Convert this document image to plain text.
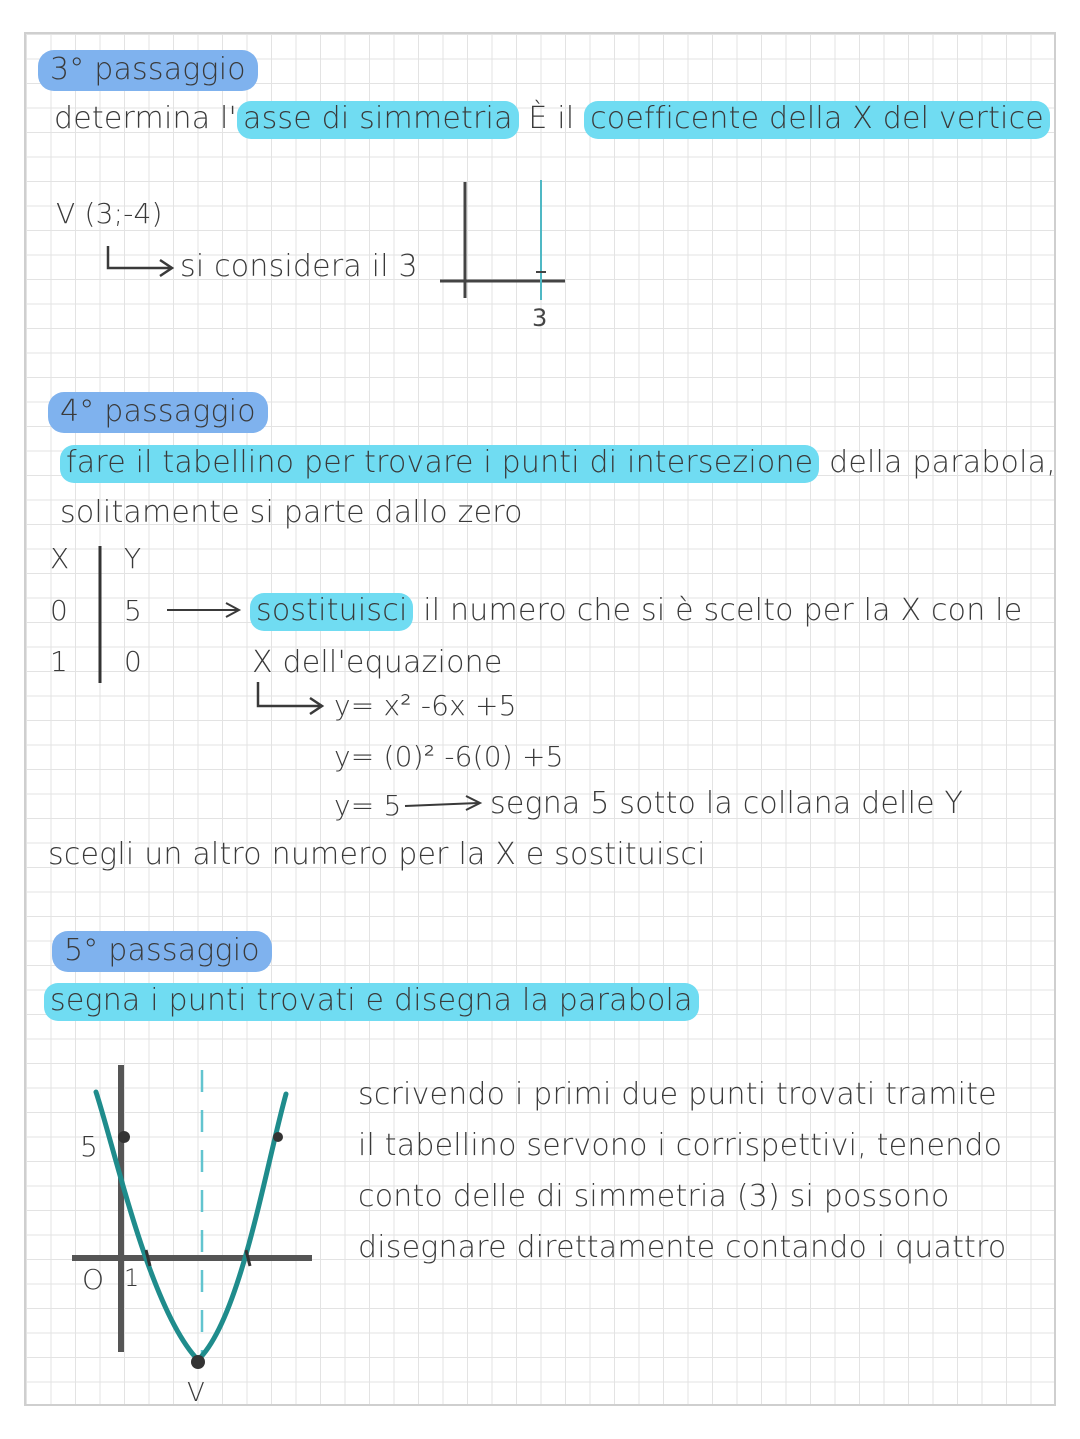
3° passaggio
determina l' asse di simmetria È il coefficente della X del vertice
V (3;-4)
si considera il 3
4° passaggio
fare il tabellino per trovare i punti di intersezione della parabola,
solitamente si parte dallo zero
X Y
0 5
1 0
sostituisci il numero che si è scelto per la X con le
X dell'equazione
y= x² -6x +5
y= (0)² -6(0) +5
y= 5	segna 5 sotto la collana delle Y
scegli un altro numero per la X e sostituisci
5° passaggio
segna i punti trovati e disegna la parabola
5
O 1
V
scrivendo i primi due punti trovati tramite
il tabellino servono i corrispettivi, tenendo
conto delle di simmetria (3) si possono
disegnare direttamente contando i quattro
3
